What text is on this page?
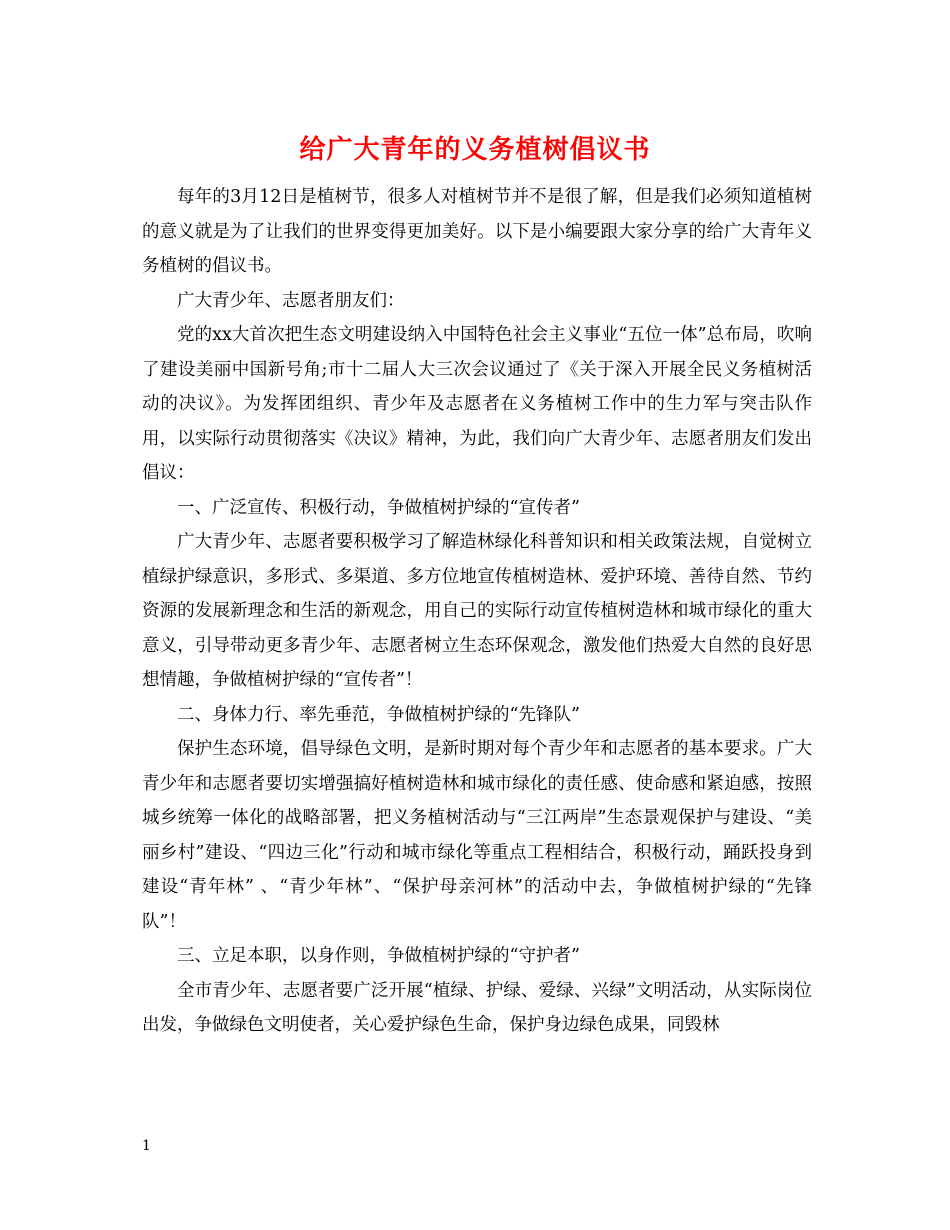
给广大青年的义务植树倡议书

每年的3月12日是植树节，很多人对植树节并不是很了解，但是我们必须知道植树的意义就是为了让我们的世界变得更加美好。以下是小编要跟大家分享的给广大青年义务植树的倡议书。

广大青少年、志愿者朋友们：

党的xx大首次把生态文明建设纳入中国特色社会主义事业“五位一体”总布局，吹响了建设美丽中国新号角;市十二届人大三次会议通过了《关于深入开展全民义务植树活动的决议》。为发挥团组织、青少年及志愿者在义务植树工作中的生力军与突击队作用，以实际行动贯彻落实《决议》精神，为此，我们向广大青少年、志愿者朋友们发出倡议：

一、广泛宣传、积极行动，争做植树护绿的“宣传者”

广大青少年、志愿者要积极学习了解造林绿化科普知识和相关政策法规，自觉树立植绿护绿意识，多形式、多渠道、多方位地宣传植树造林、爱护环境、善待自然、节约资源的发展新理念和生活的新观念，用自己的实际行动宣传植树造林和城市绿化的重大意义，引导带动更多青少年、志愿者树立生态环保观念，激发他们热爱大自然的良好思想情趣，争做植树护绿的“宣传者”！

二、身体力行、率先垂范，争做植树护绿的“先锋队”

保护生态环境，倡导绿色文明，是新时期对每个青少年和志愿者的基本要求。广大青少年和志愿者要切实增强搞好植树造林和城市绿化的责任感、使命感和紧迫感，按照城乡统筹一体化的战略部署，把义务植树活动与“三江两岸”生态景观保护与建设、“美丽乡村”建设、“四边三化”行动和城市绿化等重点工程相结合，积极行动，踊跃投身到建设“青年林” 、“青少年林”、“保护母亲河林”的活动中去，争做植树护绿的“先锋队”！

三、立足本职，以身作则，争做植树护绿的“守护者”

全市青少年、志愿者要广泛开展“植绿、护绿、爱绿、兴绿”文明活动，从实际岗位出发，争做绿色文明使者，关心爱护绿色生命，保护身边绿色成果，同毁林

1
